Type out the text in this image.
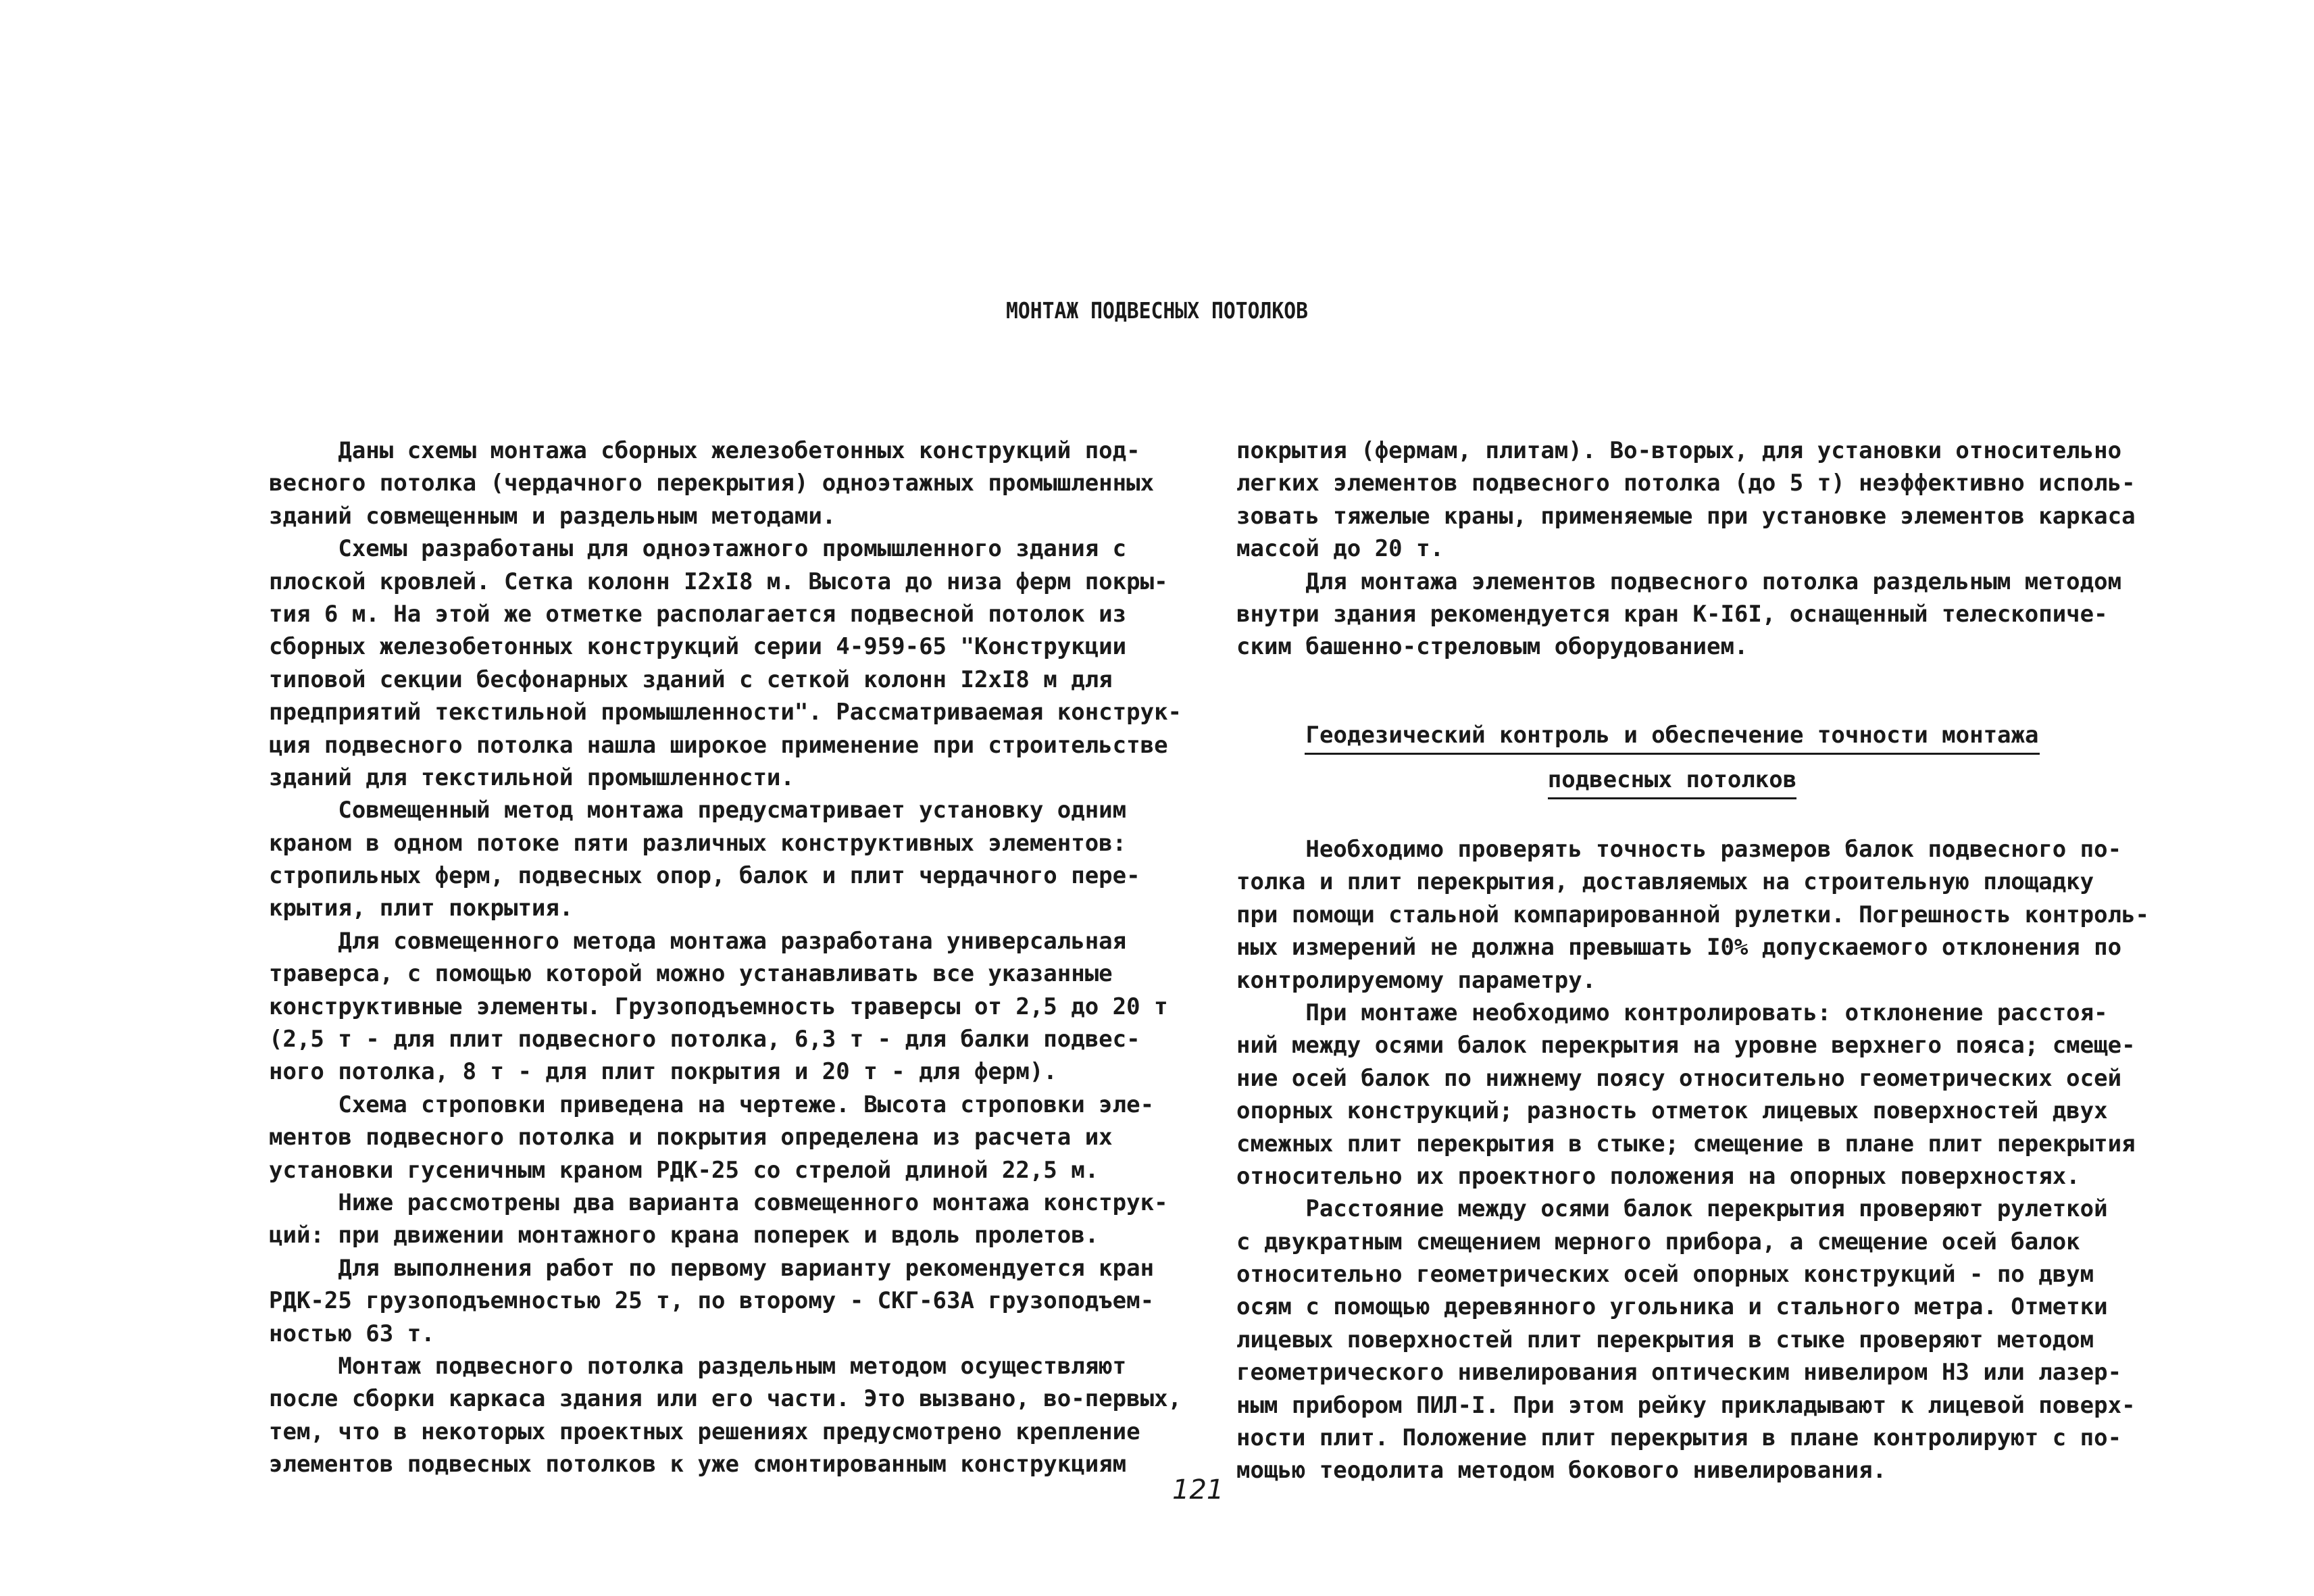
МОНТАЖ ПОДВЕСНЫХ ПОТОЛКОВ
Даны схемы монтажа сборных железобетонных конструкций под-
весного потолка (чердачного перекрытия) одноэтажных промышленных
зданий совмещенным и раздельным методами.
Схемы разработаны для одноэтажного промышленного здания с
плоской кровлей. Сетка колонн I2xI8 м. Высота до низа ферм покры-
тия 6 м. На этой же отметке располагается подвесной потолок из
сборных железобетонных конструкций серии 4-959-65 "Конструкции
типовой секции бесфонарных зданий с сеткой колонн I2xI8 м для
предприятий текстильной промышленности". Рассматриваемая конструк-
ция подвесного потолка нашла широкое применение при строительстве
зданий для текстильной промышленности.
Совмещенный метод монтажа предусматривает установку одним
краном в одном потоке пяти различных конструктивных элементов:
стропильных ферм, подвесных опор, балок и плит чердачного пере-
крытия, плит покрытия.
Для совмещенного метода монтажа разработана универсальная
траверса, с помощью которой можно устанавливать все указанные
конструктивные элементы. Грузоподъемность траверсы от 2,5 до 20 т
(2,5 т - для плит подвесного потолка, 6,3 т - для балки подвес-
ного потолка, 8 т - для плит покрытия и 20 т - для ферм).
Схема строповки приведена на чертеже. Высота строповки эле-
ментов подвесного потолка и покрытия определена из расчета их
установки гусеничным краном РДК-25 со стрелой длиной 22,5 м.
Ниже рассмотрены два варианта совмещенного монтажа конструк-
ций: при движении монтажного крана поперек и вдоль пролетов.
Для выполнения работ по первому варианту рекомендуется кран
РДК-25 грузоподъемностью 25 т, по второму - СКГ-63А грузоподъем-
ностью 63 т.
Монтаж подвесного потолка раздельным методом осуществляют
после сборки каркаса здания или его части. Это вызвано, во-первых,
тем, что в некоторых проектных решениях предусмотрено крепление
элементов подвесных потолков к уже смонтированным конструкциям
покрытия (фермам, плитам). Во-вторых, для установки относительно
легких элементов подвесного потолка (до 5 т) неэффективно исполь-
зовать тяжелые краны, применяемые при установке элементов каркаса
массой до 20 т.
Для монтажа элементов подвесного потолка раздельным методом
внутри здания рекомендуется кран К-I6I, оснащенный телескопиче-
ским башенно-стреловым оборудованием.
Геодезический контроль и обеспечение точности монтажа
подвесных потолков
Необходимо проверять точность размеров балок подвесного по-
толка и плит перекрытия, доставляемых на строительную площадку
при помощи стальной компарированной рулетки. Погрешность контроль-
ных измерений не должна превышать I0% допускаемого отклонения по
контролируемому параметру.
При монтаже необходимо контролировать: отклонение расстоя-
ний между осями балок перекрытия на уровне верхнего пояса; смеще-
ние осей балок по нижнему поясу относительно геометрических осей
опорных конструкций; разность отметок лицевых поверхностей двух
смежных плит перекрытия в стыке; смещение в плане плит перекрытия
относительно их проектного положения на опорных поверхностях.
Расстояние между осями балок перекрытия проверяют рулеткой
с двукратным смещением мерного прибора, а смещение осей балок
относительно геометрических осей опорных конструкций - по двум
осям с помощью деревянного угольника и стального метра. Отметки
лицевых поверхностей плит перекрытия в стыке проверяют методом
геометрического нивелирования оптическим нивелиром НЗ или лазер-
ным прибором ПИЛ-I. При этом рейку прикладывают к лицевой поверх-
ности плит. Положение плит перекрытия в плане контролируют с по-
мощью теодолита методом бокового нивелирования.
121
